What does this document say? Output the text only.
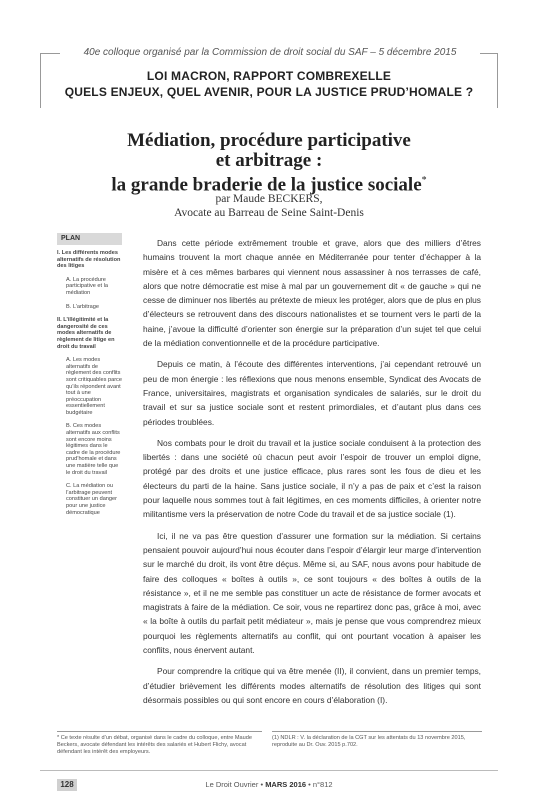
40e colloque organisé par la Commission de droit social du SAF – 5 décembre 2015
LOI MACRON, RAPPORT COMBREXELLE
QUELS ENJEUX, QUEL AVENIR, POUR LA JUSTICE PRUD’HOMALE ?
Médiation, procédure participative
et arbitrage :
la grande braderie de la justice sociale*
par Maude BECKERS,
Avocate au Barreau de Seine Saint-Denis
PLAN
I. Les différents modes alternatifs de résolution des litiges
A. La procédure participative et la médiation
B. L’arbitrage
II. L’illégitimité et la dangerosité de ces modes alternatifs de règlement de litige en droit du travail
A. Les modes alternatifs de règlement des conflits sont critiquables parce qu’ils répondent avant tout à une préoccupation essentiellement budgétaire
B. Ces modes alternatifs aux conflits sont encore moins légitimes dans le cadre de la procédure prud’homale et dans une matière telle que le droit du travail
C. La médiation ou l’arbitrage peuvent constituer un danger pour une justice démocratique

Dans cette période extrêmement trouble et grave, alors que des milliers d’êtres humains trouvent la mort chaque année en Méditerranée pour tenter d’échapper à la misère et à ces mêmes barbares qui viennent nous assassiner à nos terrasses de café, alors que notre démocratie est mise à mal par un gouvernement dit « de gauche » qui ne cesse de diminuer nos libertés au prétexte de mieux les protéger, alors que de plus en plus d’électeurs se retrouvent dans des discours nationalistes et se tournent vers le parti de la haine, j’avoue la difficulté d’orienter son énergie sur la préparation d’un sujet tel que celui de la médiation conventionnelle et de la procédure participative.

Depuis ce matin, à l’écoute des différentes interventions, j’ai cependant retrouvé un peu de mon énergie : les réflexions que nous menons ensemble, Syndicat des Avocats de France, universitaires, magistrats et organisation syndicales de salariés, sur le droit du travail et sur sa justice sociale sont et restent primordiales, et d’autant plus dans ces périodes troublées.

Nos combats pour le droit du travail et la justice sociale conduisent à la protection des libertés : dans une société où chacun peut avoir l’espoir de trouver un emploi digne, protégé par des droits et une justice efficace, plus rares sont les fous de dieu et les électeurs du parti de la haine. Sans justice sociale, il n’y a pas de paix et c’est la raison pour laquelle nous sommes tout à fait légitimes, en ces moments difficiles, à orienter notre militantisme vers la préservation de notre Code du travail et de sa justice sociale (1).

Ici, il ne va pas être question d’assurer une formation sur la médiation. Si certains pensaient pouvoir aujourd’hui nous écouter dans l’espoir d’élargir leur marge d’intervention sur le marché du droit, ils vont être déçus. Même si, au SAF, nous avons pour habitude de faire des colloques « boîtes à outils », ce sont toujours « des boîtes à outils de la résistance », et il ne me semble pas constituer un acte de résistance de former avocats et magistrats à faire de la médiation. Ce soir, vous ne repartirez donc pas, grâce à moi, avec « la boîte à outils du parfait petit médiateur », mais je pense que vous comprendrez mieux pourquoi les règlements alternatifs au conflit, qui ont pourtant vocation à apaiser les conflits, nous énervent autant.

Pour comprendre la critique qui va être menée (II), il convient, dans un premier temps, d’étudier brièvement les différents modes alternatifs de résolution des litiges qui sont désormais possibles ou qui sont encore en cours d’élaboration (I).

* Ce texte résulte d’un débat, organisé dans le cadre du colloque, entre Maude Beckers, avocate défendant les intérêts des salariés et Hubert Flichy, avocat défendant les intérêt des employeurs.
(1) NDLR : V. la déclaration de la CGT sur les attentats du 13 novembre 2015, reproduite au Dr. Ouv. 2015 p.702.
128	Le Droit Ouvrier • MARS 2016 • n°812
